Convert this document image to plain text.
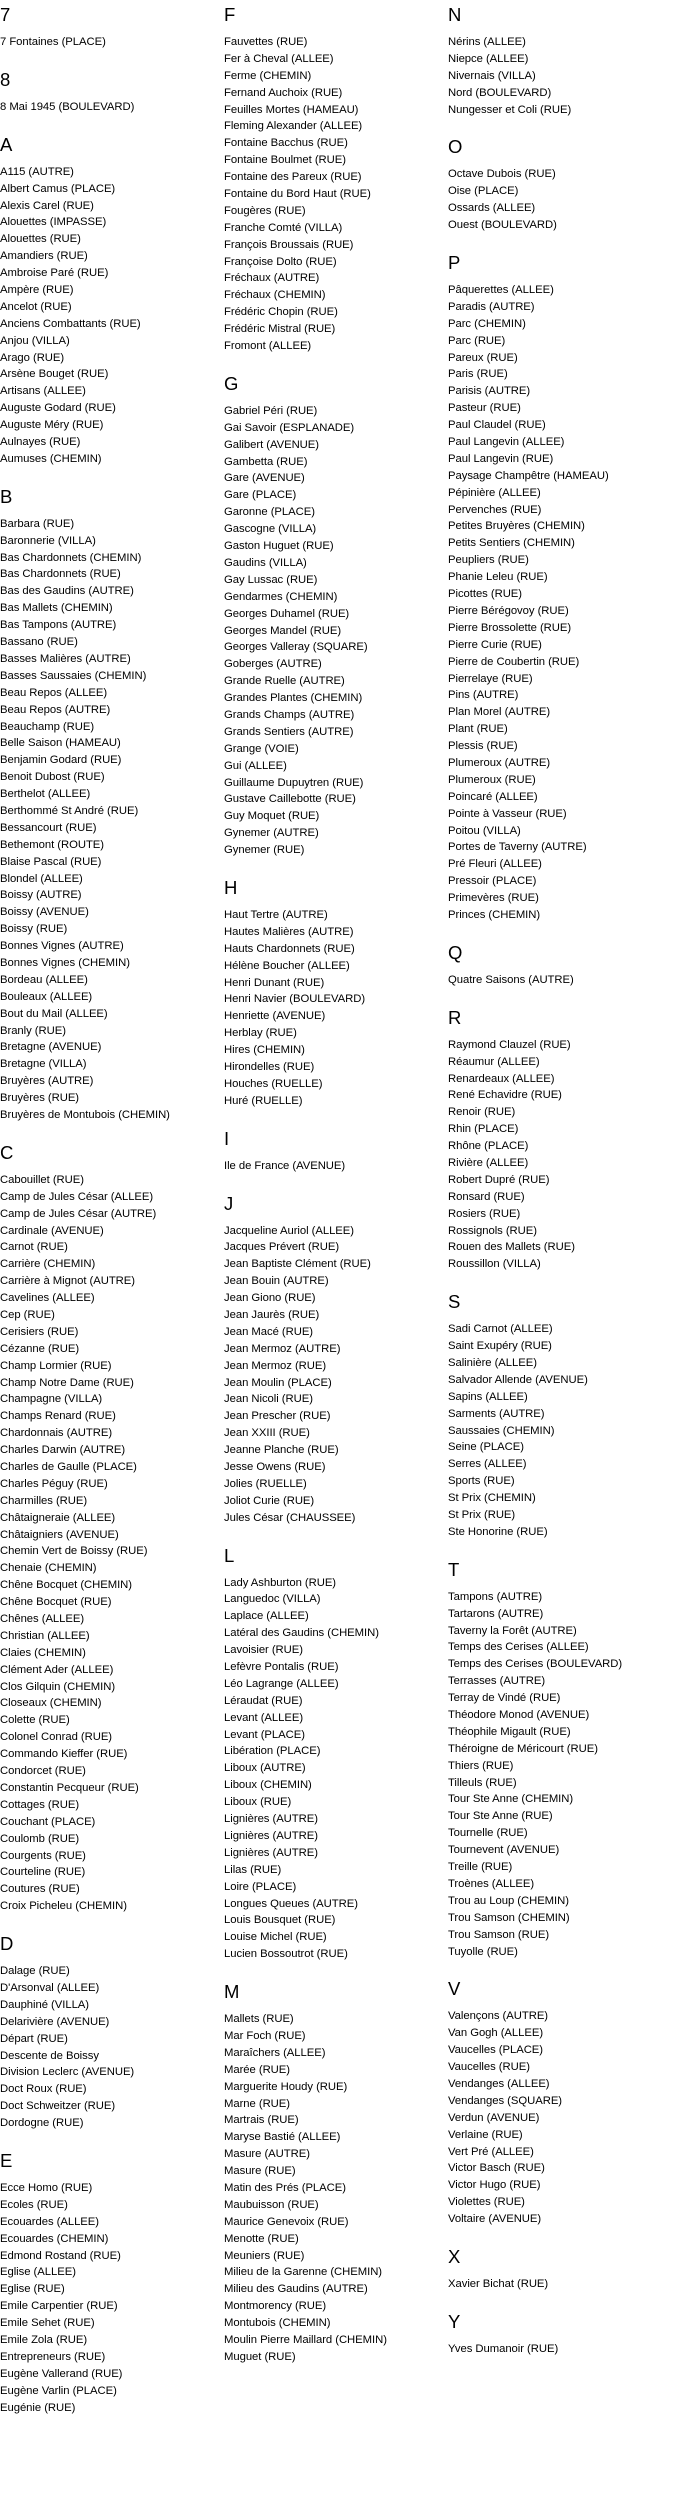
7
7 Fontaines (PLACE)
8
8 Mai 1945 (BOULEVARD)
A
A115 (AUTRE)
Albert Camus (PLACE)
Alexis Carel (RUE)
Alouettes (IMPASSE)
Alouettes (RUE)
Amandiers (RUE)
Ambroise Paré (RUE)
Ampère (RUE)
Ancelot (RUE)
Anciens Combattants (RUE)
Anjou (VILLA)
Arago (RUE)
Arsène Bouget (RUE)
Artisans (ALLEE)
Auguste Godard (RUE)
Auguste Méry (RUE)
Aulnayes (RUE)
Aumuses (CHEMIN)
B
Barbara (RUE)
Baronnerie (VILLA)
Bas Chardonnets (CHEMIN)
Bas Chardonnets (RUE)
Bas des Gaudins (AUTRE)
Bas Mallets (CHEMIN)
Bas Tampons (AUTRE)
Bassano (RUE)
Basses Malières (AUTRE)
Basses Saussaies (CHEMIN)
Beau Repos (ALLEE)
Beau Repos (AUTRE)
Beauchamp (RUE)
Belle Saison (HAMEAU)
Benjamin Godard (RUE)
Benoit Dubost (RUE)
Berthelot (ALLEE)
Berthommé St André (RUE)
Bessancourt (RUE)
Bethemont (ROUTE)
Blaise Pascal (RUE)
Blondel (ALLEE)
Boissy (AUTRE)
Boissy (AVENUE)
Boissy (RUE)
Bonnes Vignes (AUTRE)
Bonnes Vignes (CHEMIN)
Bordeau (ALLEE)
Bouleaux (ALLEE)
Bout du Mail (ALLEE)
Branly (RUE)
Bretagne (AVENUE)
Bretagne (VILLA)
Bruyères (AUTRE)
Bruyères (RUE)
Bruyères de Montubois (CHEMIN)
C
Cabouillet (RUE)
Camp de Jules César (ALLEE)
Camp de Jules César (AUTRE)
Cardinale (AVENUE)
Carnot (RUE)
Carrière (CHEMIN)
Carrière à Mignot (AUTRE)
Cavelines (ALLEE)
Cep (RUE)
Cerisiers (RUE)
Cézanne (RUE)
Champ Lormier (RUE)
Champ Notre Dame (RUE)
Champagne (VILLA)
Champs Renard (RUE)
Chardonnais (AUTRE)
Charles Darwin (AUTRE)
Charles de Gaulle (PLACE)
Charles Péguy (RUE)
Charmilles (RUE)
Châtaigneraie (ALLEE)
Châtaigniers (AVENUE)
Chemin Vert de Boissy (RUE)
Chenaie (CHEMIN)
Chêne Bocquet (CHEMIN)
Chêne Bocquet (RUE)
Chênes (ALLEE)
Christian (ALLEE)
Claies (CHEMIN)
Clément Ader (ALLEE)
Clos Gilquin (CHEMIN)
Closeaux (CHEMIN)
Colette (RUE)
Colonel Conrad (RUE)
Commando Kieffer (RUE)
Condorcet (RUE)
Constantin Pecqueur (RUE)
Cottages (RUE)
Couchant (PLACE)
Coulomb (RUE)
Courgents (RUE)
Courteline (RUE)
Coutures (RUE)
Croix Picheleu (CHEMIN)
D
Dalage (RUE)
D'Arsonval (ALLEE)
Dauphiné (VILLA)
Delarivière (AVENUE)
Départ (RUE)
Descente de Boissy
Division Leclerc (AVENUE)
Doct Roux (RUE)
Doct Schweitzer (RUE)
Dordogne (RUE)
E
Ecce Homo (RUE)
Ecoles (RUE)
Ecouardes (ALLEE)
Ecouardes (CHEMIN)
Edmond Rostand (RUE)
Eglise (ALLEE)
Eglise (RUE)
Emile Carpentier (RUE)
Emile Sehet (RUE)
Emile Zola (RUE)
Entrepreneurs (RUE)
Eugène Vallerand (RUE)
Eugène Varlin (PLACE)
Eugénie (RUE)
F
Fauvettes (RUE)
Fer à Cheval (ALLEE)
Ferme (CHEMIN)
Fernand Auchoix (RUE)
Feuilles Mortes (HAMEAU)
Fleming Alexander (ALLEE)
Fontaine Bacchus (RUE)
Fontaine Boulmet (RUE)
Fontaine des Pareux (RUE)
Fontaine du Bord Haut (RUE)
Fougères (RUE)
Franche Comté (VILLA)
François Broussais (RUE)
Françoise Dolto (RUE)
Fréchaux (AUTRE)
Fréchaux (CHEMIN)
Frédéric Chopin (RUE)
Frédéric Mistral (RUE)
Fromont (ALLEE)
G
Gabriel Péri (RUE)
Gai Savoir (ESPLANADE)
Galibert (AVENUE)
Gambetta (RUE)
Gare (AVENUE)
Gare (PLACE)
Garonne (PLACE)
Gascogne (VILLA)
Gaston Huguet (RUE)
Gaudins (VILLA)
Gay Lussac (RUE)
Gendarmes (CHEMIN)
Georges Duhamel (RUE)
Georges Mandel (RUE)
Georges Valleray (SQUARE)
Goberges (AUTRE)
Grande Ruelle (AUTRE)
Grandes Plantes (CHEMIN)
Grands Champs (AUTRE)
Grands Sentiers (AUTRE)
Grange (VOIE)
Gui (ALLEE)
Guillaume Dupuytren (RUE)
Gustave Caillebotte (RUE)
Guy Moquet (RUE)
Gynemer (AUTRE)
Gynemer (RUE)
H
Haut Tertre (AUTRE)
Hautes Malières (AUTRE)
Hauts Chardonnets (RUE)
Hélène Boucher (ALLEE)
Henri Dunant (RUE)
Henri Navier (BOULEVARD)
Henriette (AVENUE)
Herblay (RUE)
Hires (CHEMIN)
Hirondelles (RUE)
Houches (RUELLE)
Huré (RUELLE)
I
Ile de France (AVENUE)
J
Jacqueline Auriol (ALLEE)
Jacques Prévert (RUE)
Jean Baptiste Clément (RUE)
Jean Bouin (AUTRE)
Jean Giono (RUE)
Jean Jaurès (RUE)
Jean Macé (RUE)
Jean Mermoz (AUTRE)
Jean Mermoz (RUE)
Jean Moulin (PLACE)
Jean Nicoli (RUE)
Jean Prescher (RUE)
Jean XXIII (RUE)
Jeanne Planche (RUE)
Jesse Owens (RUE)
Jolies (RUELLE)
Joliot Curie (RUE)
Jules César (CHAUSSEE)
L
Lady Ashburton (RUE)
Languedoc (VILLA)
Laplace (ALLEE)
Latéral des Gaudins (CHEMIN)
Lavoisier (RUE)
Lefèvre Pontalis (RUE)
Léo Lagrange (ALLEE)
Léraudat (RUE)
Levant (ALLEE)
Levant (PLACE)
Libération (PLACE)
Liboux (AUTRE)
Liboux (CHEMIN)
Liboux (RUE)
Lignières (AUTRE)
Lignières (AUTRE)
Lignières (AUTRE)
Lilas (RUE)
Loire (PLACE)
Longues Queues (AUTRE)
Louis Bousquet (RUE)
Louise Michel (RUE)
Lucien Bossoutrot (RUE)
M
Mallets (RUE)
Mar Foch (RUE)
Maraîchers (ALLEE)
Marée (RUE)
Marguerite Houdy (RUE)
Marne (RUE)
Martrais (RUE)
Maryse Bastié (ALLEE)
Masure (AUTRE)
Masure (RUE)
Matin des Prés (PLACE)
Maubuisson (RUE)
Maurice Genevoix (RUE)
Menotte (RUE)
Meuniers (RUE)
Milieu de la Garenne (CHEMIN)
Milieu des Gaudins (AUTRE)
Montmorency (RUE)
Montubois (CHEMIN)
Moulin Pierre Maillard (CHEMIN)
Muguet (RUE)
N
Nérins (ALLEE)
Niepce (ALLEE)
Nivernais (VILLA)
Nord (BOULEVARD)
Nungesser et Coli (RUE)
O
Octave Dubois (RUE)
Oise (PLACE)
Ossards (ALLEE)
Ouest (BOULEVARD)
P
Pâquerettes (ALLEE)
Paradis (AUTRE)
Parc (CHEMIN)
Parc (RUE)
Pareux (RUE)
Paris (RUE)
Parisis (AUTRE)
Pasteur (RUE)
Paul Claudel (RUE)
Paul Langevin (ALLEE)
Paul Langevin (RUE)
Paysage Champêtre (HAMEAU)
Pépinière (ALLEE)
Pervenches (RUE)
Petites Bruyères (CHEMIN)
Petits Sentiers (CHEMIN)
Peupliers (RUE)
Phanie Leleu (RUE)
Picottes (RUE)
Pierre Bérégovoy (RUE)
Pierre Brossolette (RUE)
Pierre Curie (RUE)
Pierre de Coubertin (RUE)
Pierrelaye (RUE)
Pins (AUTRE)
Plan Morel (AUTRE)
Plant (RUE)
Plessis (RUE)
Plumeroux (AUTRE)
Plumeroux (RUE)
Poincaré (ALLEE)
Pointe à Vasseur (RUE)
Poitou (VILLA)
Portes de Taverny (AUTRE)
Pré Fleuri (ALLEE)
Pressoir (PLACE)
Primevères (RUE)
Princes (CHEMIN)
Q
Quatre Saisons (AUTRE)
R
Raymond Clauzel (RUE)
Réaumur (ALLEE)
Renardeaux (ALLEE)
René Echavidre (RUE)
Renoir (RUE)
Rhin (PLACE)
Rhône (PLACE)
Rivière (ALLEE)
Robert Dupré (RUE)
Ronsard (RUE)
Rosiers (RUE)
Rossignols (RUE)
Rouen des Mallets (RUE)
Roussillon (VILLA)
S
Sadi Carnot (ALLEE)
Saint Exupéry (RUE)
Salinière (ALLEE)
Salvador Allende (AVENUE)
Sapins (ALLEE)
Sarments (AUTRE)
Saussaies (CHEMIN)
Seine (PLACE)
Serres (ALLEE)
Sports (RUE)
St Prix (CHEMIN)
St Prix (RUE)
Ste Honorine (RUE)
T
Tampons (AUTRE)
Tartarons (AUTRE)
Taverny la Forêt (AUTRE)
Temps des Cerises (ALLEE)
Temps des Cerises (BOULEVARD)
Terrasses (AUTRE)
Terray de Vindé (RUE)
Théodore Monod (AVENUE)
Théophile Migault (RUE)
Théroigne de Méricourt (RUE)
Thiers (RUE)
Tilleuls (RUE)
Tour Ste Anne (CHEMIN)
Tour Ste Anne (RUE)
Tournelle (RUE)
Tournevent (AVENUE)
Treille (RUE)
Troènes (ALLEE)
Trou au Loup (CHEMIN)
Trou Samson (CHEMIN)
Trou Samson (RUE)
Tuyolle (RUE)
V
Valençons (AUTRE)
Van Gogh (ALLEE)
Vaucelles (PLACE)
Vaucelles (RUE)
Vendanges (ALLEE)
Vendanges (SQUARE)
Verdun (AVENUE)
Verlaine (RUE)
Vert Pré (ALLEE)
Victor Basch (RUE)
Victor Hugo (RUE)
Violettes (RUE)
Voltaire (AVENUE)
X
Xavier Bichat (RUE)
Y
Yves Dumanoir (RUE)
